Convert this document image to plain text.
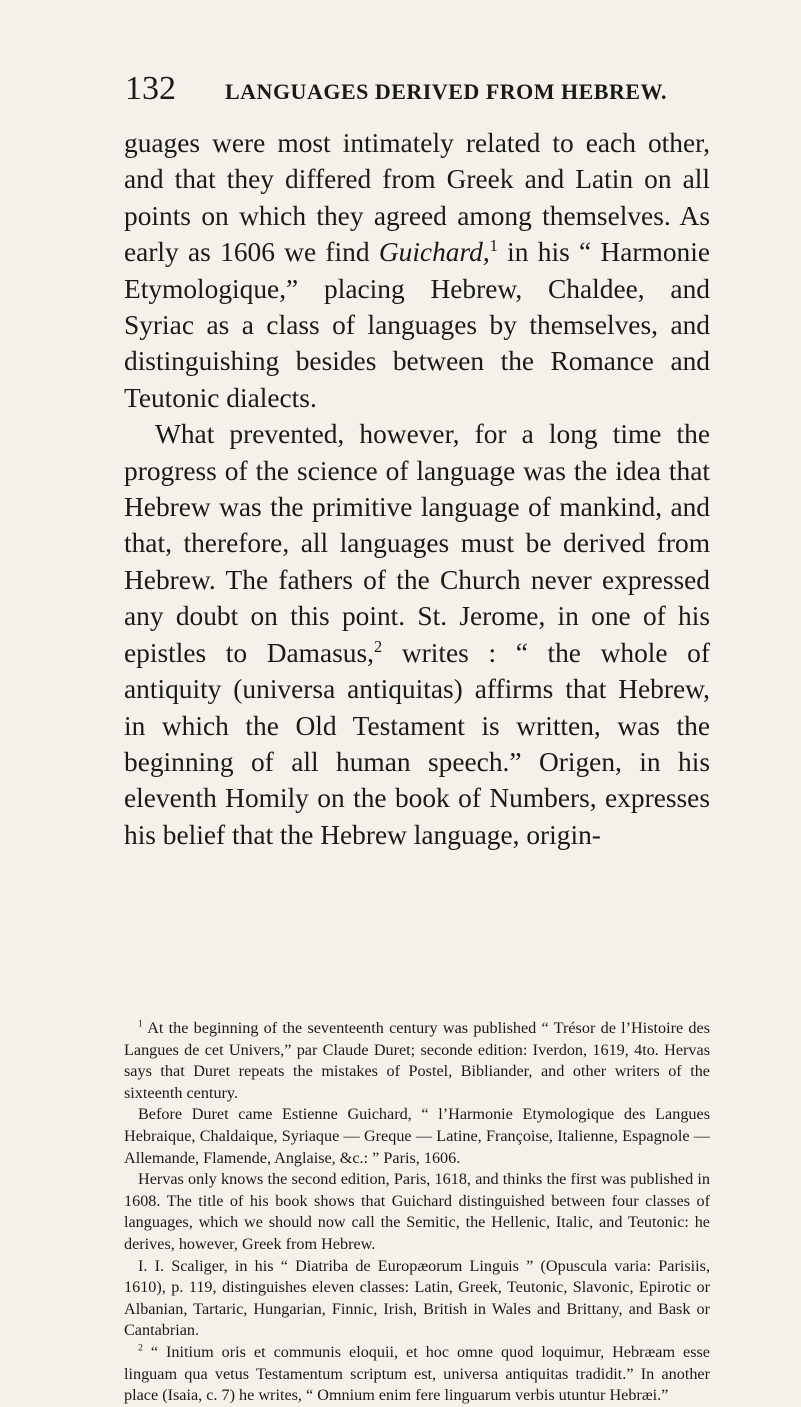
132	LANGUAGES DERIVED FROM HEBREW.

guages were most intimately related to each other, and that they differed from Greek and Latin on all points on which they agreed among themselves. As early as 1606 we find Guichard,$^1$ in his “ Harmonie Etymologique,” placing Hebrew, Chaldee, and Syriac as a class of languages by themselves, and distinguishing besides between the Romance and Teutonic dialects.

What prevented, however, for a long time the progress of the science of language was the idea that Hebrew was the primitive language of mankind, and that, therefore, all languages must be derived from Hebrew. The fathers of the Church never expressed any doubt on this point. St. Jerome, in one of his epistles to Damasus,$^2$ writes : “ the whole of antiquity (universa antiquitas) affirms that Hebrew, in which the Old Testament is written, was the beginning of all human speech.” Origen, in his eleventh Homily on the book of Numbers, expresses his belief that the Hebrew language, origin-

$^1$ At the beginning of the seventeenth century was published “ Trésor de l’Histoire des Langues de cet Univers,” par Claude Duret; seconde edition: Iverdon, 1619, 4to. Hervas says that Duret repeats the mistakes of Postel, Bibliander, and other writers of the sixteenth century.

Before Duret came Estienne Guichard, “ l’Harmonie Etymologique des Langues Hebraique, Chaldaique, Syriaque — Greque — Latine, Françoise, Italienne, Espagnole — Allemande, Flamende, Anglaise, &c.: ” Paris, 1606.

Hervas only knows the second edition, Paris, 1618, and thinks the first was published in 1608. The title of his book shows that Guichard distinguished between four classes of languages, which we should now call the Semitic, the Hellenic, Italic, and Teutonic: he derives, however, Greek from Hebrew.

I. I. Scaliger, in his “ Diatriba de Europæorum Linguis ” (Opuscula varia: Parisiis, 1610), p. 119, distinguishes eleven classes: Latin, Greek, Teutonic, Slavonic, Epirotic or Albanian, Tartaric, Hungarian, Finnic, Irish, British in Wales and Brittany, and Bask or Cantabrian.

$^2$ “ Initium oris et communis eloquii, et hoc omne quod loquimur, Hebræam esse linguam qua vetus Testamentum scriptum est, universa antiquitas tradidit.” In another place (Isaia, c. 7) he writes, “ Omnium enim fere linguarum verbis utuntur Hebræi.”
